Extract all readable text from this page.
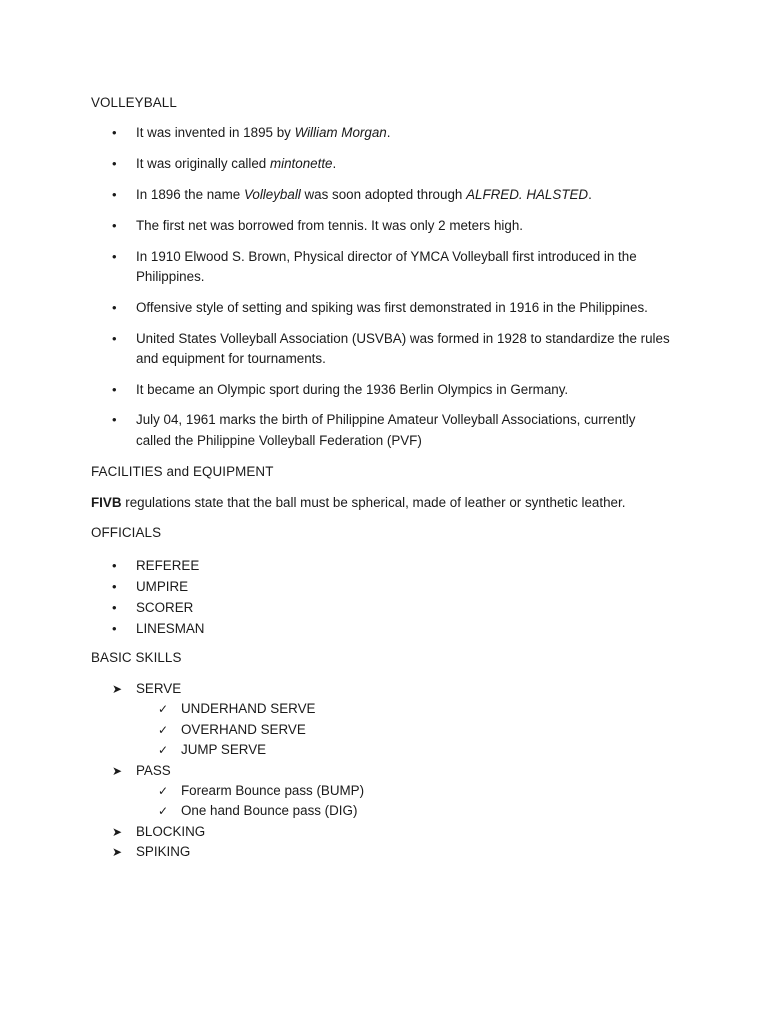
VOLLEYBALL
• It was invented in 1895 by William Morgan.
• It was originally called mintonette.
• In 1896 the name Volleyball was soon adopted through ALFRED. HALSTED.
• The first net was borrowed from tennis. It was only 2 meters high.
• In 1910 Elwood S. Brown, Physical director of YMCA Volleyball first introduced in the Philippines.
• Offensive style of setting and spiking was first demonstrated in 1916 in the Philippines.
• United States Volleyball Association (USVBA) was formed in 1928 to standardize the rules and equipment for tournaments.
• It became an Olympic sport during the 1936 Berlin Olympics in Germany.
• July 04, 1961 marks the birth of Philippine Amateur Volleyball Associations, currently called the Philippine Volleyball Federation (PVF)
FACILITIES and EQUIPMENT
FIVB regulations state that the ball must be spherical, made of leather or synthetic leather.
OFFICIALS
• REFEREE
• UMPIRE
• SCORER
• LINESMAN
BASIC SKILLS
➤ SERVE
✓ UNDERHAND SERVE
✓ OVERHAND SERVE
✓ JUMP SERVE
➤ PASS
✓ Forearm Bounce pass (BUMP)
✓ One hand Bounce pass (DIG)
➤ BLOCKING
➤ SPIKING
